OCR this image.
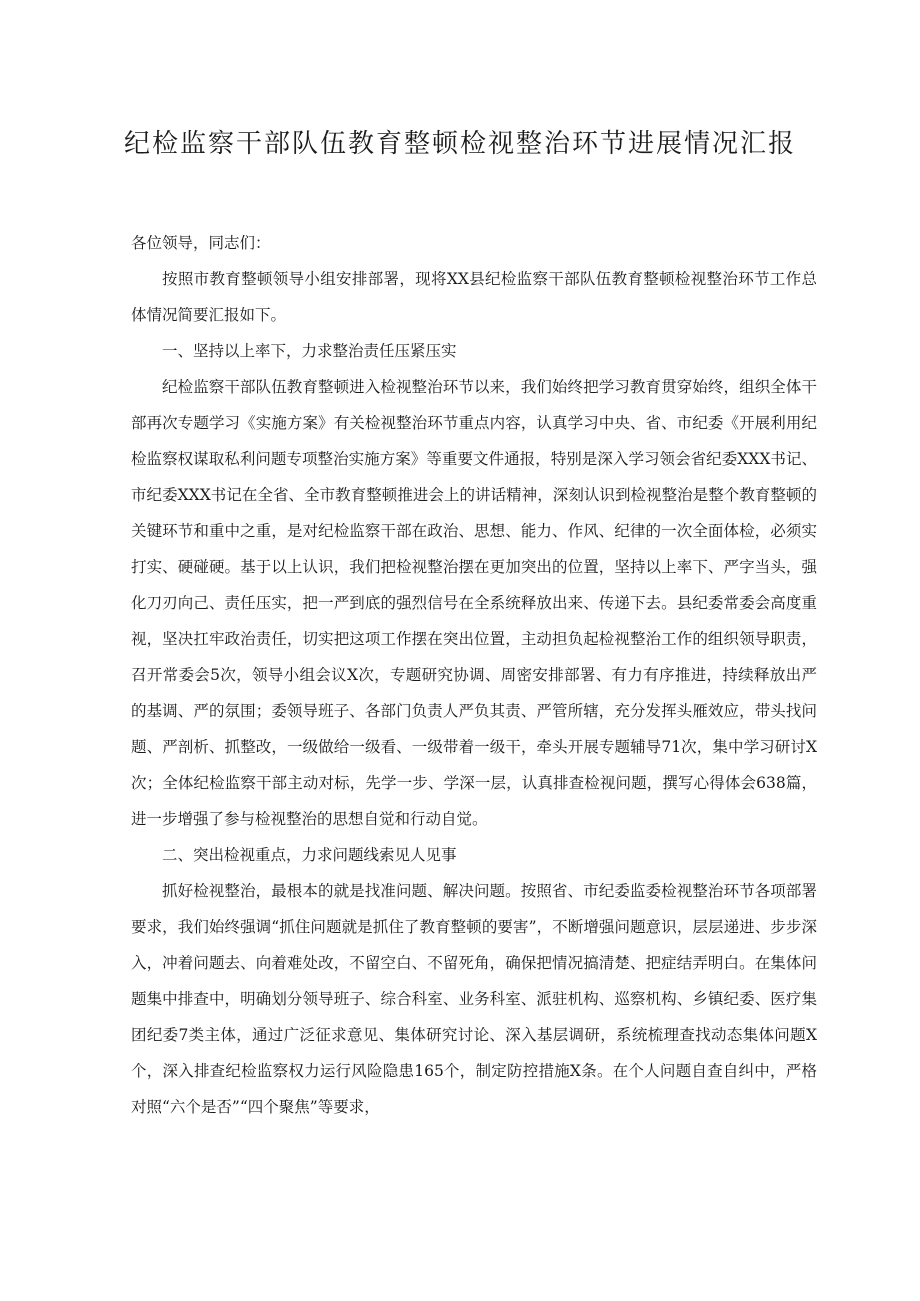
纪检监察干部队伍教育整顿检视整治环节进展情况汇报

各位领导，同志们：

按照市教育整顿领导小组安排部署，现将XX县纪检监察干部队伍教育整顿检视整治环节工作总体情况简要汇报如下。

一、坚持以上率下，力求整治责任压紧压实

纪检监察干部队伍教育整顿进入检视整治环节以来，我们始终把学习教育贯穿始终，组织全体干部再次专题学习《实施方案》有关检视整治环节重点内容，认真学习中央、省、市纪委《开展利用纪检监察权谋取私利问题专项整治实施方案》等重要文件通报，特别是深入学习领会省纪委XXX书记、市纪委XXX书记在全省、全市教育整顿推进会上的讲话精神，深刻认识到检视整治是整个教育整顿的关键环节和重中之重，是对纪检监察干部在政治、思想、能力、作风、纪律的一次全面体检，必须实打实、硬碰硬。基于以上认识，我们把检视整治摆在更加突出的位置，坚持以上率下、严字当头，强化刀刃向己、责任压实，把一严到底的强烈信号在全系统释放出来、传递下去。县纪委常委会高度重视，坚决扛牢政治责任，切实把这项工作摆在突出位置，主动担负起检视整治工作的组织领导职责，召开常委会5次，领导小组会议X次，专题研究协调、周密安排部署、有力有序推进，持续释放出严的基调、严的氛围；委领导班子、各部门负责人严负其责、严管所辖，充分发挥头雁效应，带头找问题、严剖析、抓整改，一级做给一级看、一级带着一级干，牵头开展专题辅导71次，集中学习研讨X次；全体纪检监察干部主动对标，先学一步、学深一层，认真排查检视问题，撰写心得体会638篇，进一步增强了参与检视整治的思想自觉和行动自觉。

二、突出检视重点，力求问题线索见人见事

抓好检视整治，最根本的就是找准问题、解决问题。按照省、市纪委监委检视整治环节各项部署要求，我们始终强调“抓住问题就是抓住了教育整顿的要害”，不断增强问题意识，层层递进、步步深入，冲着问题去、向着难处改，不留空白、不留死角，确保把情况搞清楚、把症结弄明白。在集体问题集中排查中，明确划分领导班子、综合科室、业务科室、派驻机构、巡察机构、乡镇纪委、医疗集团纪委7类主体，通过广泛征求意见、集体研究讨论、深入基层调研，系统梳理查找动态集体问题X个，深入排查纪检监察权力运行风险隐患165个，制定防控措施X条。在个人问题自查自纠中，严格对照“六个是否”“四个聚焦”等要求，
